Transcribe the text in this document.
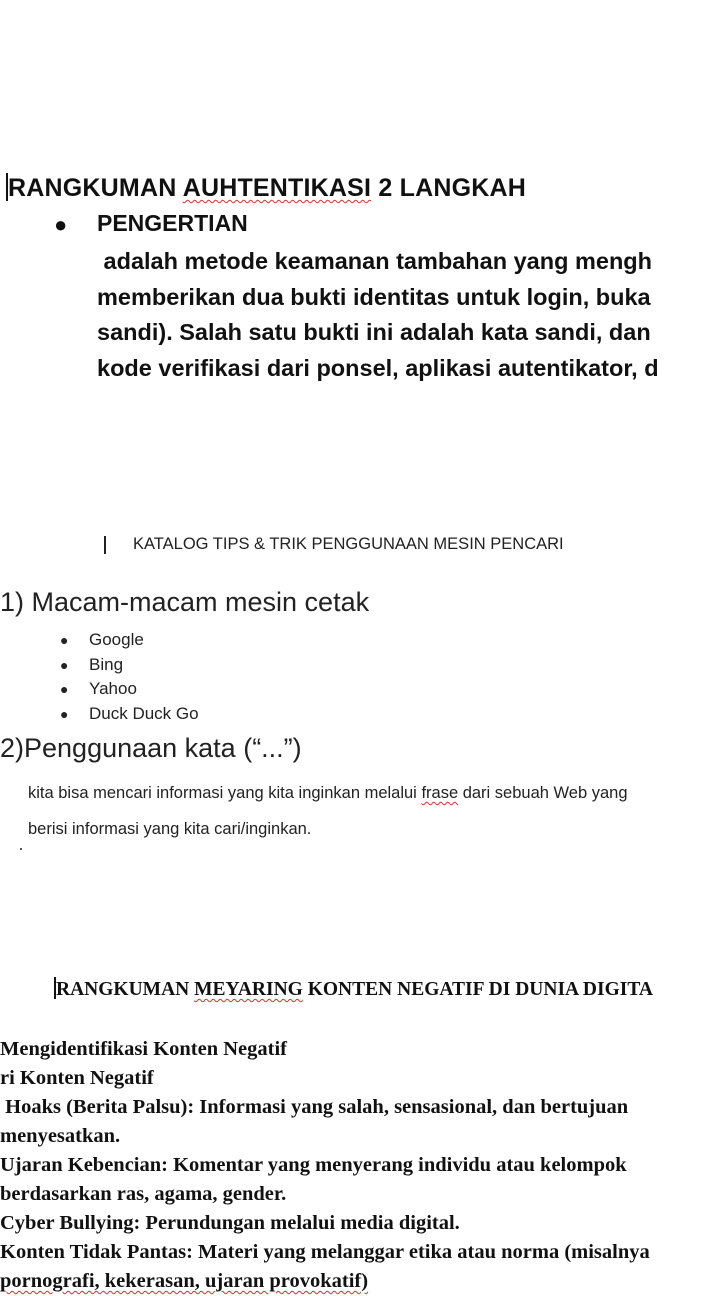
RANGKUMAN AUHTENTIKASI 2 LANGKAH
● PENGERTIAN
adalah metode keamanan tambahan yang mengh
memberikan dua bukti identitas untuk login, buka
sandi). Salah satu bukti ini adalah kata sandi, dan
kode verifikasi dari ponsel, aplikasi autentikator, d
KATALOG TIPS & TRIK PENGGUNAAN MESIN PENCARI
1) Macam-macam mesin cetak
●	Google
●	Bing
●	Yahoo
●	Duck Duck Go
2)Penggunaan kata (“...”)
kita bisa mencari informasi yang kita inginkan melalui frase dari sebuah Web yang
berisi informasi yang kita cari/inginkan.
RANGKUMAN MEYARING KONTEN NEGATIF DI DUNIA DIGITA
Mengidentifikasi Konten Negatif
ri Konten Negatif
Hoaks (Berita Palsu): Informasi yang salah, sensasional, dan bertujuan
menyesatkan.
Ujaran Kebencian: Komentar yang menyerang individu atau kelompok
berdasarkan ras, agama, gender.
Cyber Bullying: Perundungan melalui media digital.
Konten Tidak Pantas: Materi yang melanggar etika atau norma (misalnya
pornografi, kekerasan, ujaran provokatif)
